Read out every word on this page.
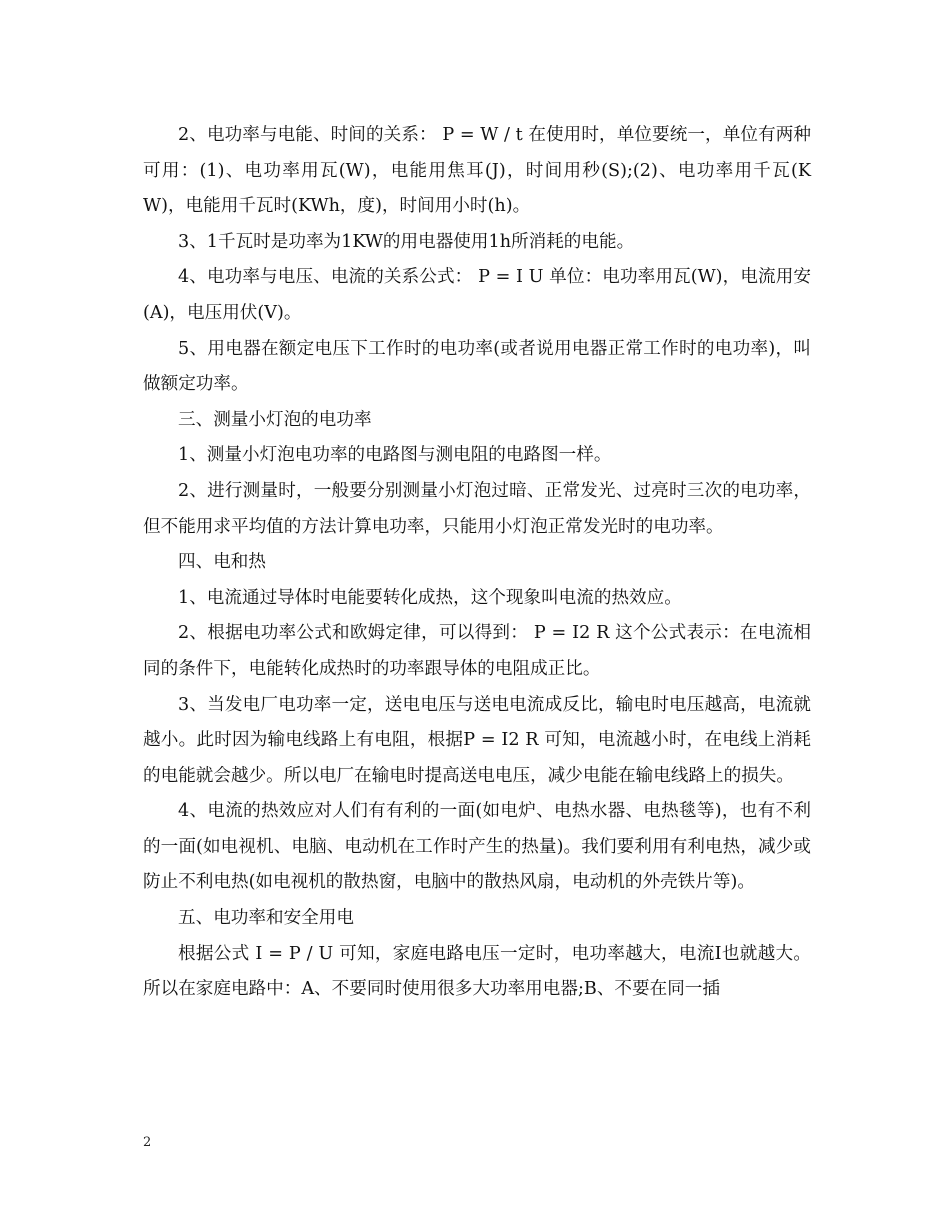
2、电功率与电能、时间的关系： P = W / t 在使用时，单位要统一，单位有两种可用：(1)、电功率用瓦(W)，电能用焦耳(J)，时间用秒(S);(2)、电功率用千瓦(KW)，电能用千瓦时(KWh，度)，时间用小时(h)。

3、1千瓦时是功率为1KW的用电器使用1h所消耗的电能。

4、电功率与电压、电流的关系公式： P = I U 单位：电功率用瓦(W)，电流用安(A)，电压用伏(V)。

5、用电器在额定电压下工作时的电功率(或者说用电器正常工作时的电功率)，叫做额定功率。

三、测量小灯泡的电功率

1、测量小灯泡电功率的电路图与测电阻的电路图一样。

2、进行测量时，一般要分别测量小灯泡过暗、正常发光、过亮时三次的电功率，但不能用求平均值的方法计算电功率，只能用小灯泡正常发光时的电功率。

四、电和热

1、电流通过导体时电能要转化成热，这个现象叫电流的热效应。

2、根据电功率公式和欧姆定律，可以得到： P = I2 R 这个公式表示：在电流相同的条件下，电能转化成热时的功率跟导体的电阻成正比。

3、当发电厂电功率一定，送电电压与送电电流成反比，输电时电压越高，电流就越小。此时因为输电线路上有电阻，根据P = I2 R 可知，电流越小时，在电线上消耗的电能就会越少。所以电厂在输电时提高送电电压，减少电能在输电线路上的损失。

4、电流的热效应对人们有有利的一面(如电炉、电热水器、电热毯等)，也有不利的一面(如电视机、电脑、电动机在工作时产生的热量)。我们要利用有利电热，减少或防止不利电热(如电视机的散热窗，电脑中的散热风扇，电动机的外壳铁片等)。

五、电功率和安全用电

根据公式 I = P / U 可知，家庭电路电压一定时，电功率越大，电流I也就越大。所以在家庭电路中：A、不要同时使用很多大功率用电器;B、不要在同一插

2
